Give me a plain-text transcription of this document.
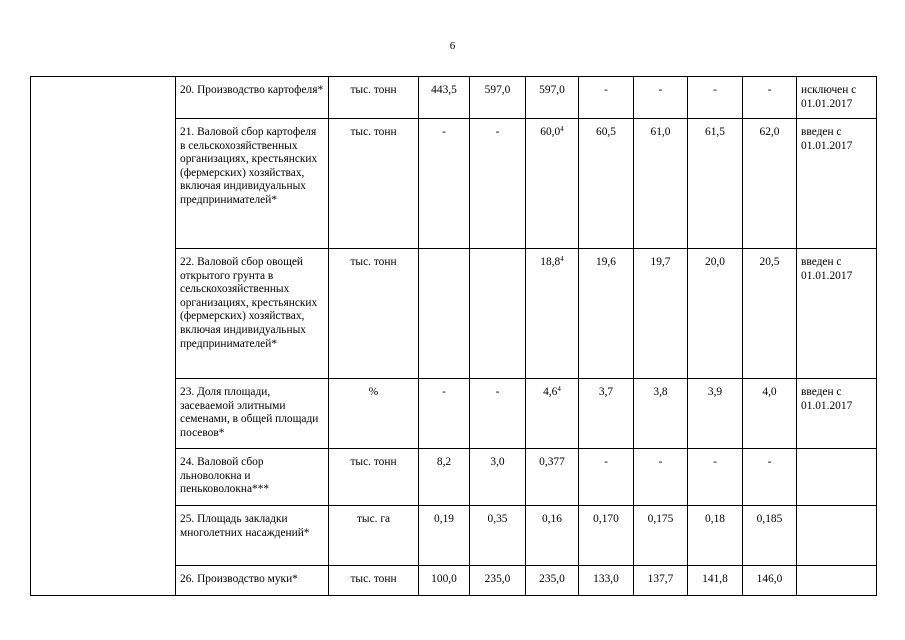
6
	20. Производство картофеля*	тыс. тонн	443,5	597,0	597,0	-	-	-	-	исключен с 01.01.2017
	21. Валовой сбор картофеля в сельскохозяйственных организациях, крестьянских (фермерских) хозяйствах, включая индивидуальных предпринимателей*	тыс. тонн	-	-	60,0$^4$	60,5	61,0	61,5	62,0	введен с 01.01.2017
	22. Валовой сбор овощей открытого грунта в сельскохозяйственных организациях, крестьянских (фермерских) хозяйствах, включая индивидуальных предпринимателей*	тыс. тонн			18,8$^4$	19,6	19,7	20,0	20,5	введен с 01.01.2017
	23. Доля площади, засеваемой элитными семенами, в общей площади посевов*	%	-	-	$4,6^4$	3,7	3,8	3,9	4,0	введен с 01.01.2017
	24. Валовой сбор льноволокна и пеньковолокна***	тыс. тонн	8,2	3,0	0,377	-	-	-	-	
	25. Площадь закладки многолетних насаждений*	тыс. га	0,19	0,35	0,16	0,170	0,175	0,18	0,185	
	26. Производство муки*	тыс. тонн	100,0	235,0	235,0	133,0	137,7	141,8	146,0	
